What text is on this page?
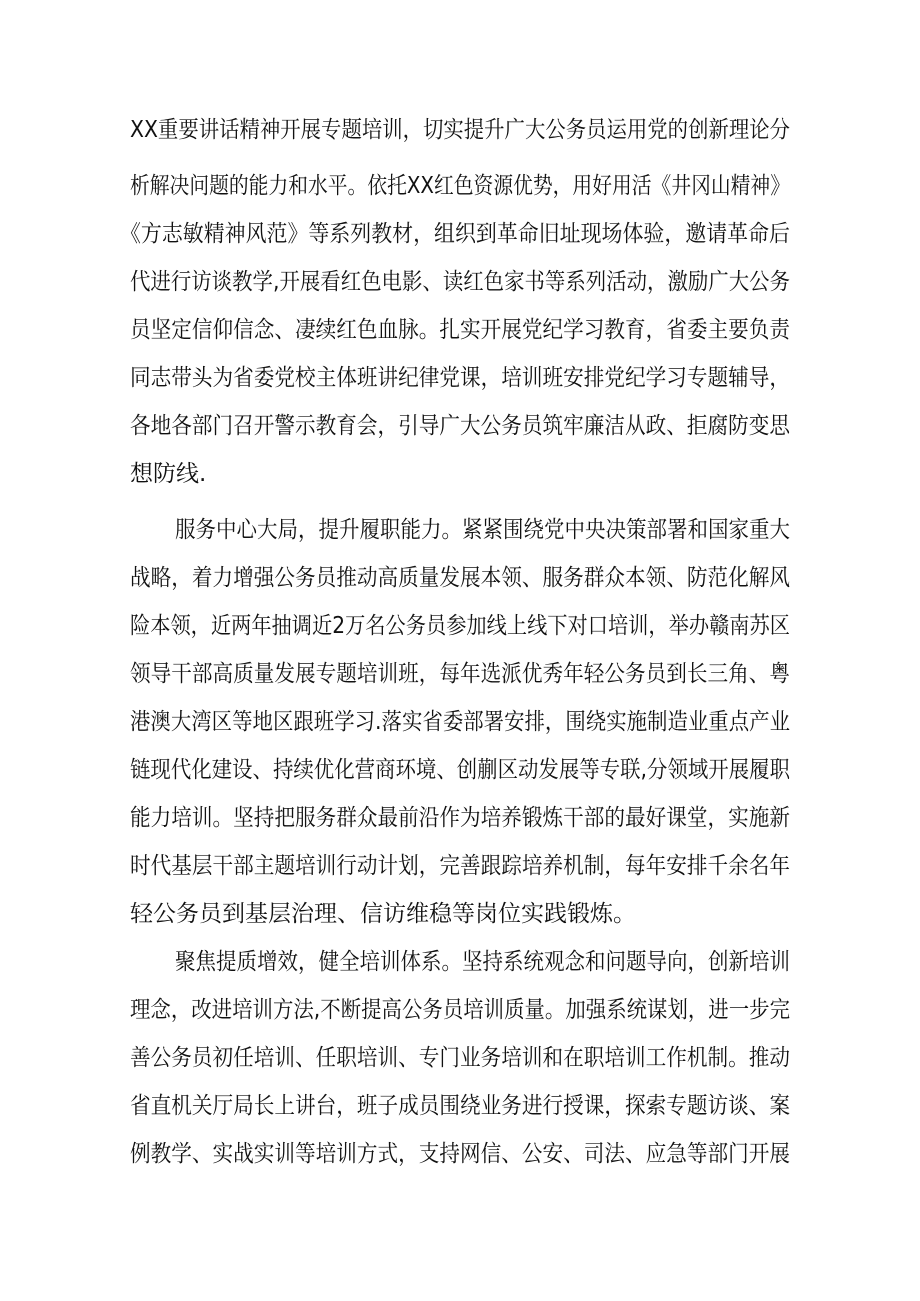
XX重要讲话精神开展专题培训，切实提升广大公务员运用党的创新理论分
析解决问题的能力和水平。依托XX红色资源优势，用好用活《井冈山精神》
《方志敏精神风范》等系列教材，组织到革命旧址现场体验，邀请革命后
代进行访谈教学,开展看红色电影、读红色家书等系列活动，激励广大公务
员坚定信仰信念、凄续红色血脉。扎实开展党纪学习教育，省委主要负责
同志带头为省委党校主体班讲纪律党课，培训班安排党纪学习专题辅导，
各地各部门召开警示教育会，引导广大公务员筑牢廉洁从政、拒腐防变思
想防线.
服务中心大局，提升履职能力。紧紧围绕党中央决策部署和国家重大
战略，着力增强公务员推动高质量发展本领、服务群众本领、防范化解风
险本领，近两年抽调近2万名公务员参加线上线下对口培训，举办赣南苏区
领导干部高质量发展专题培训班，每年选派优秀年轻公务员到长三角、粤
港澳大湾区等地区跟班学习.落实省委部署安排，围绕实施制造业重点产业
链现代化建设、持续优化营商环境、创蒯区动发展等专联,分领域开展履职
能力培训。坚持把服务群众最前沿作为培养锻炼干部的最好课堂，实施新
时代基层干部主题培训行动计划，完善跟踪培养机制，每年安排千余名年
轻公务员到基层治理、信访维稳等岗位实践锻炼。
聚焦提质增效，健全培训体系。坚持系统观念和问题导向，创新培训
理念，改进培训方法,不断提高公务员培训质量。加强系统谋划，进一步完
善公务员初任培训、任职培训、专门业务培训和在职培训工作机制。推动
省直机关厅局长上讲台，班子成员围绕业务进行授课，探索专题访谈、案
例教学、实战实训等培训方式，支持网信、公安、司法、应急等部门开展
